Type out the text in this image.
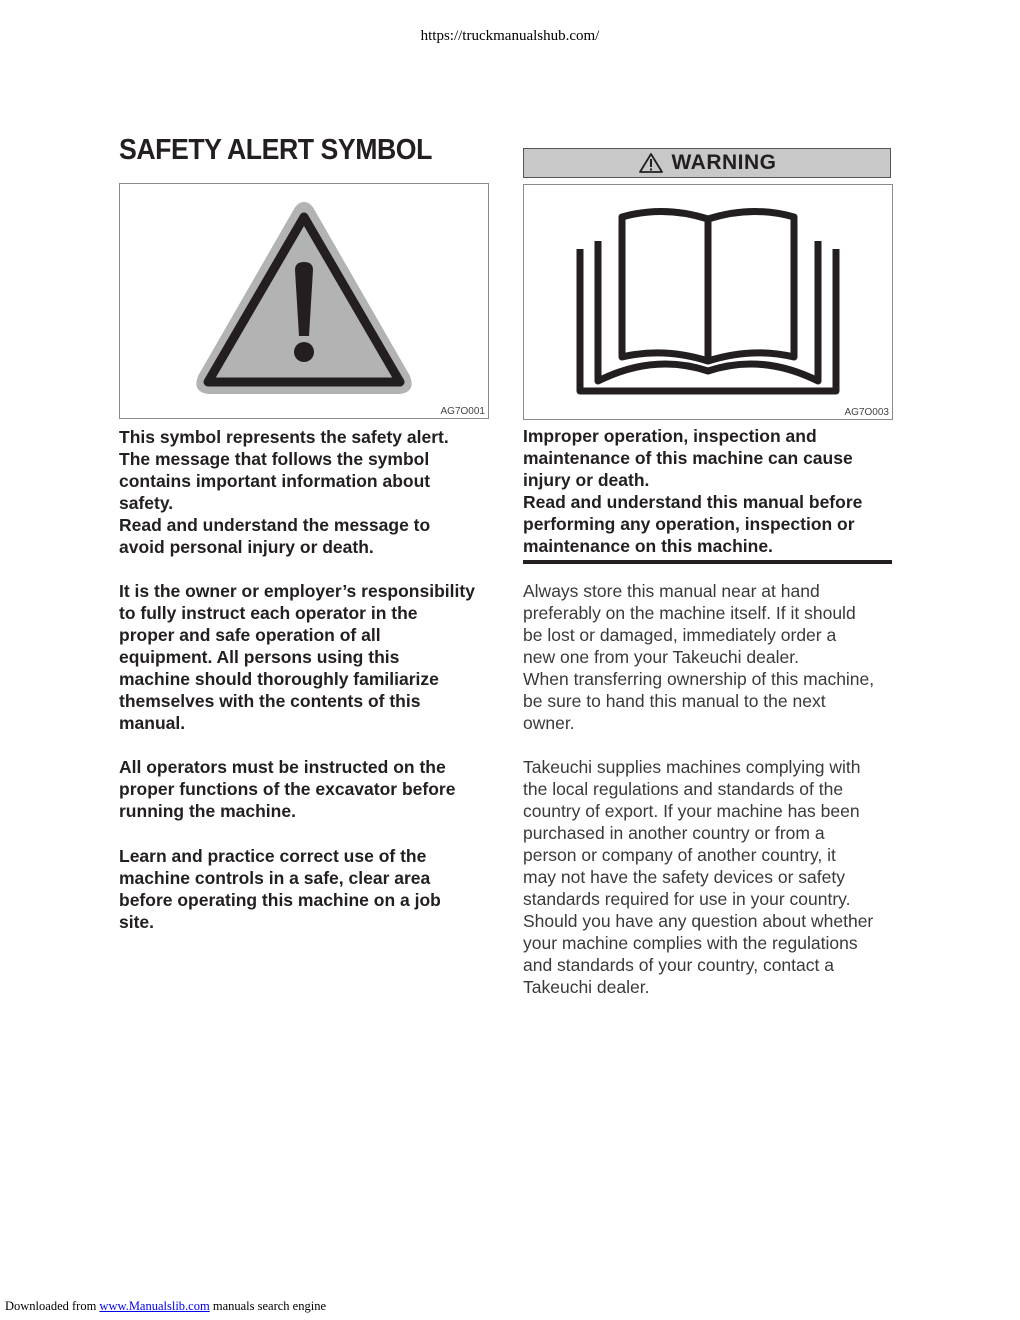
https://truckmanualshub.com/
SAFETY ALERT SYMBOL
AG7O001

This symbol represents the safety alert.
The message that follows the symbol
contains important information about
safety.
Read and understand the message to
avoid personal injury or death.

It is the owner or employer’s responsibility
to fully instruct each operator in the
proper and safe operation of all
equipment. All persons using this
machine should thoroughly familiarize
themselves with the contents of this
manual.

All operators must be instructed on the
proper functions of the excavator before
running the machine.

Learn and practice correct use of the
machine controls in a safe, clear area
before operating this machine on a job
site.

WARNING
AG7O003

Improper operation, inspection and
maintenance of this machine can cause
injury or death.
Read and understand this manual before
performing any operation, inspection or
maintenance on this machine.

Always store this manual near at hand
preferably on the machine itself. If it should
be lost or damaged, immediately order a
new one from your Takeuchi dealer.
When transferring ownership of this machine,
be sure to hand this manual to the next
owner.

Takeuchi supplies machines complying with
the local regulations and standards of the
country of export. If your machine has been
purchased in another country or from a
person or company of another country, it
may not have the safety devices or safety
standards required for use in your country.
Should you have any question about whether
your machine complies with the regulations
and standards of your country, contact a
Takeuchi dealer.

Downloaded from www.Manualslib.com manuals search engine
